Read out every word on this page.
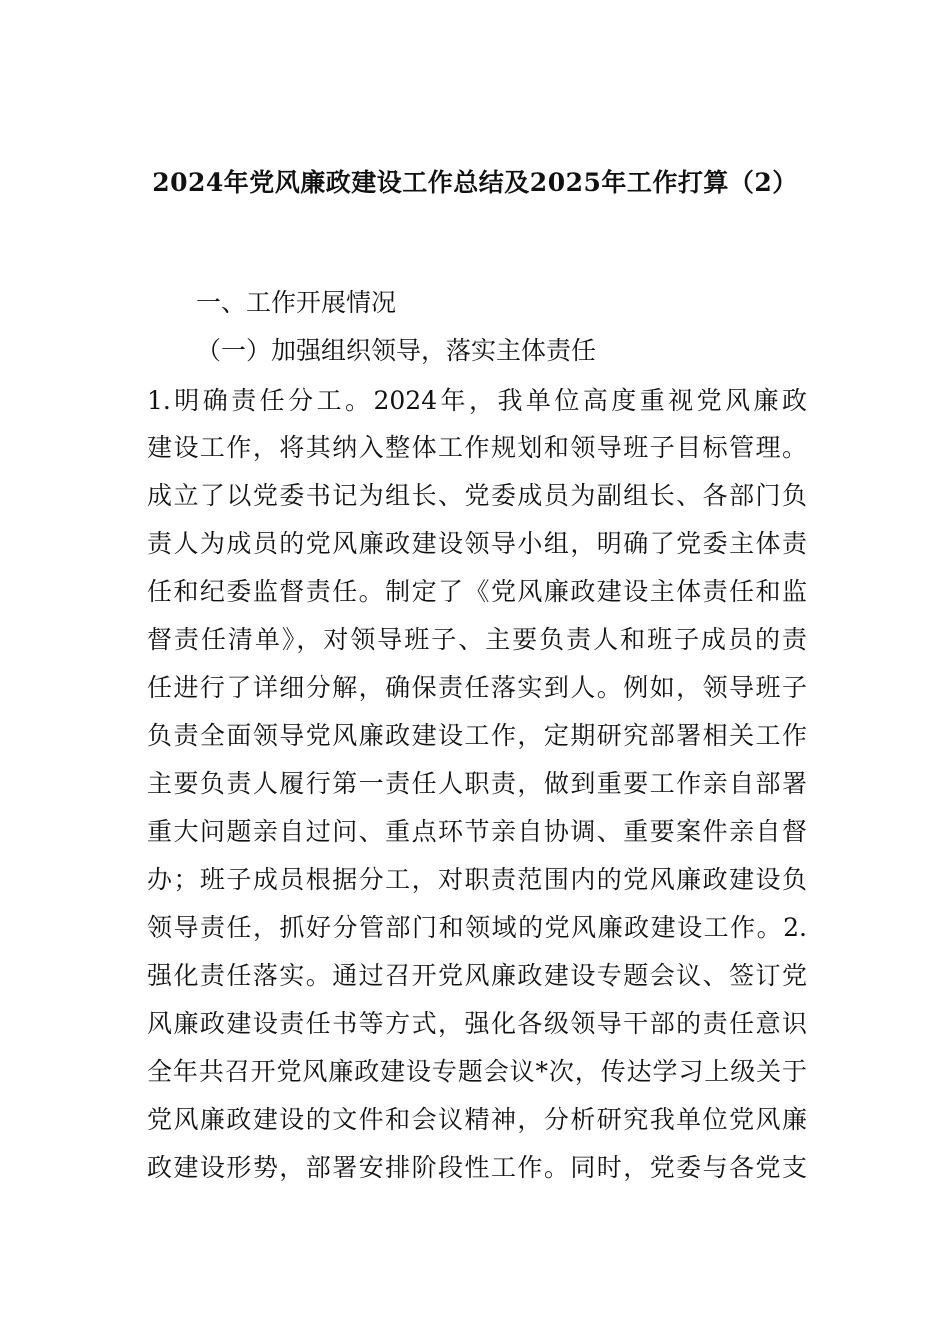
2024年党风廉政建设工作总结及2025年工作打算（2）
一、工作开展情况
（一）加强组织领导，落实主体责任
1.明确责任分工。2024年，我单位高度重视党风廉政
建设工作，将其纳入整体工作规划和领导班子目标管理。
成立了以党委书记为组长、党委成员为副组长、各部门负
责人为成员的党风廉政建设领导小组，明确了党委主体责
任和纪委监督责任。制定了《党风廉政建设主体责任和监
督责任清单》，对领导班子、主要负责人和班子成员的责
任进行了详细分解，确保责任落实到人。例如，领导班子
负责全面领导党风廉政建设工作，定期研究部署相关工作
主要负责人履行第一责任人职责，做到重要工作亲自部署
重大问题亲自过问、重点环节亲自协调、重要案件亲自督
办；班子成员根据分工，对职责范围内的党风廉政建设负
领导责任，抓好分管部门和领域的党风廉政建设工作。2.
强化责任落实。通过召开党风廉政建设专题会议、签订党
风廉政建设责任书等方式，强化各级领导干部的责任意识
全年共召开党风廉政建设专题会议*次，传达学习上级关于
党风廉政建设的文件和会议精神，分析研究我单位党风廉
政建设形势，部署安排阶段性工作。同时，党委与各党支
